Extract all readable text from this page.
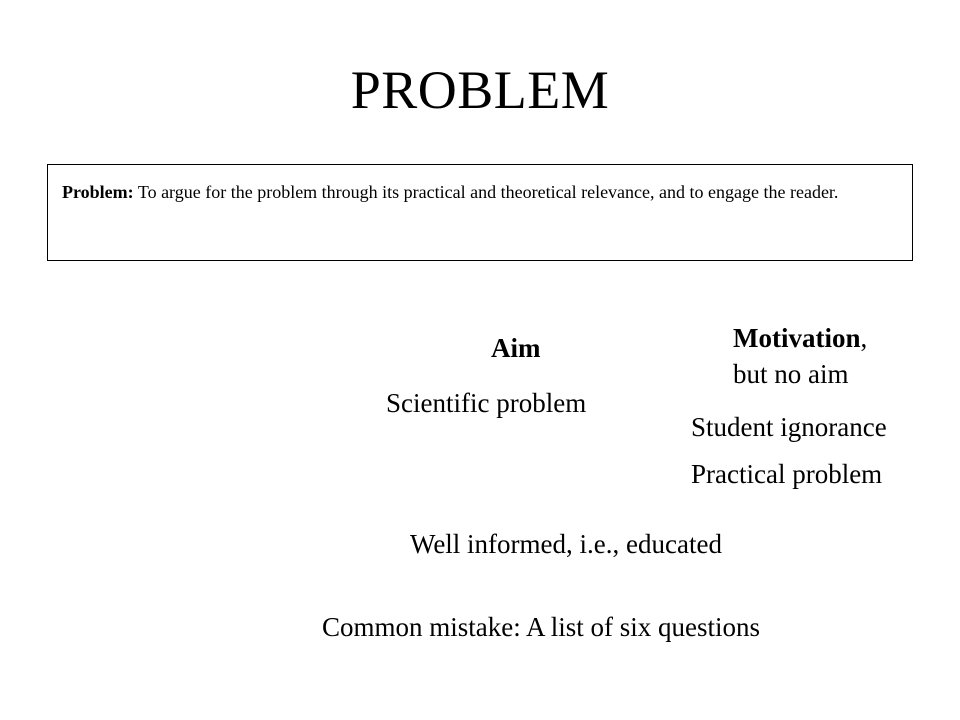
PROBLEM
Problem: To argue for the problem through its practical and theoretical relevance, and to engage the reader.
Aim
Scientific problem
Motivation,
but no aim
Student ignorance
Practical problem
Well informed, i.e., educated
Common mistake: A list of six questions
